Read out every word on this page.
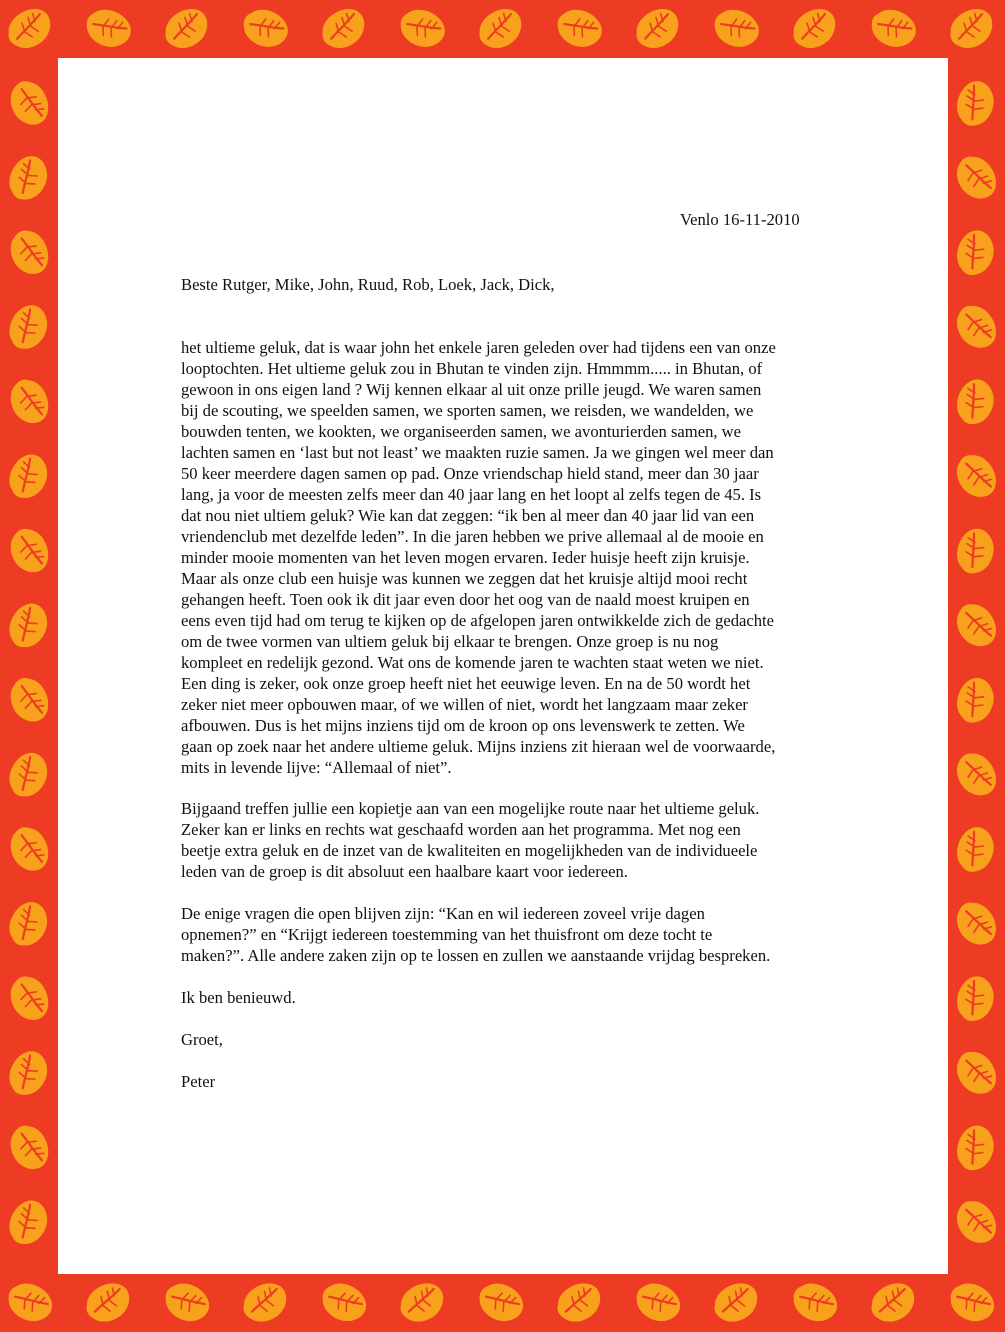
Venlo 16-11-2010
Beste Rutger, Mike, John, Ruud, Rob, Loek, Jack, Dick,

het ultieme geluk, dat is waar john het enkele jaren geleden over had tijdens een van onze
looptochten. Het ultieme geluk zou in Bhutan te vinden zijn. Hmmmm..... in Bhutan, of
gewoon in ons eigen land ? Wij kennen elkaar al uit onze prille jeugd. We waren samen
bij de scouting, we speelden samen, we sporten samen, we reisden, we wandelden, we
bouwden tenten, we kookten, we organiseerden samen, we avonturierden samen, we
lachten samen en ‘last but not least’ we maakten ruzie samen. Ja we gingen wel meer dan
50 keer meerdere dagen samen op pad. Onze vriendschap hield stand, meer dan 30 jaar
lang, ja voor de meesten zelfs meer dan 40 jaar lang en het loopt al zelfs tegen de 45. Is
dat nou niet ultiem geluk? Wie kan dat zeggen: “ik ben al meer dan 40 jaar lid van een
vriendenclub met dezelfde leden”. In die jaren hebben we prive allemaal al de mooie en
minder mooie momenten van het leven mogen ervaren. Ieder huisje heeft zijn kruisje.
Maar als onze club een huisje was kunnen we zeggen dat het kruisje altijd mooi recht
gehangen heeft. Toen ook ik dit jaar even door het oog van de naald moest kruipen en
eens even tijd had om terug te kijken op de afgelopen jaren ontwikkelde zich de gedachte
om de twee vormen van ultiem geluk bij elkaar te brengen. Onze groep is nu nog
kompleet en redelijk gezond. Wat ons de komende jaren te wachten staat weten we niet.
Een ding is zeker, ook onze groep heeft niet het eeuwige leven. En na de 50 wordt het
zeker niet meer opbouwen maar, of we willen of niet, wordt het langzaam maar zeker
afbouwen. Dus is het mijns inziens tijd om de kroon op ons levenswerk te zetten. We
gaan op zoek naar het andere ultieme geluk. Mijns inziens zit hieraan wel de voorwaarde,
mits in levende lijve: “Allemaal of niet”.

Bijgaand treffen jullie een kopietje aan van een mogelijke route naar het ultieme geluk.
Zeker kan er links en rechts wat geschaafd worden aan het programma. Met nog een
beetje extra geluk en de inzet van de kwaliteiten en mogelijkheden van de individueele
leden van de groep is dit absoluut een haalbare kaart voor iedereen.

De enige vragen die open blijven zijn: “Kan en wil iedereen zoveel vrije dagen
opnemen?” en “Krijgt iedereen toestemming van het thuisfront om deze tocht te
maken?”. Alle andere zaken zijn op te lossen en zullen we aanstaande vrijdag bespreken.

Ik ben benieuwd.

Groet,

Peter
